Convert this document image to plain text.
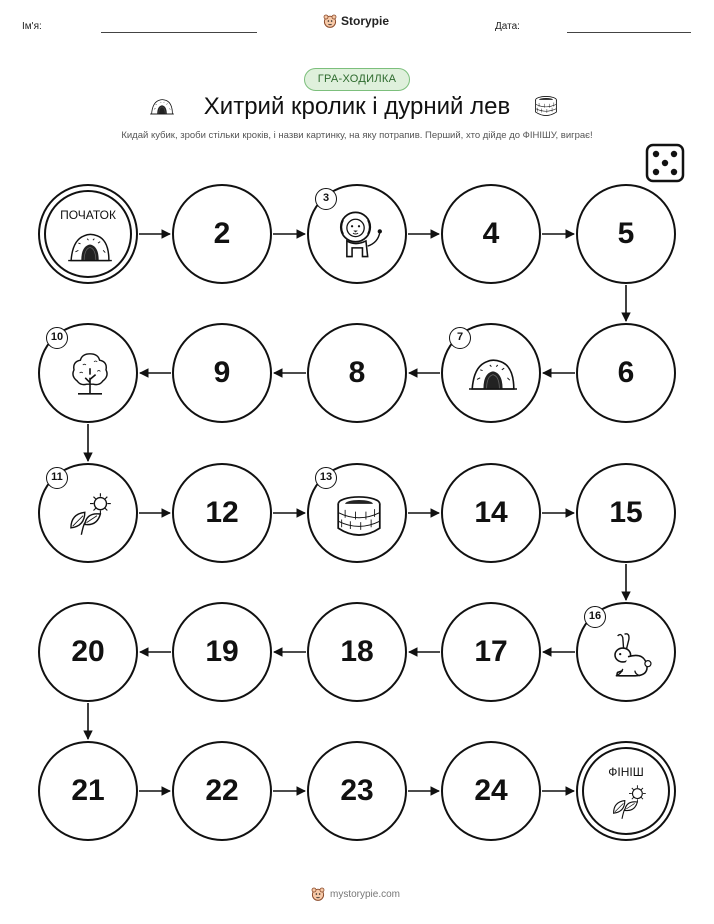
Ім'я:	Storypie	Дата:
ГРА-ХОДИЛКА
Хитрий кролик і дурний лев
Кидай кубик, зроби стільки кроків, і назви картинку, на яку потрапив. Перший, хто дійде до ФІНІШУ, виграє!
ПОЧАТОК
2
3
4	5
6
7
8
9
10
11
12
13
14	15
16
17
18
19
20
21	22	23	24
ФІНІШ
mystorypie.com
